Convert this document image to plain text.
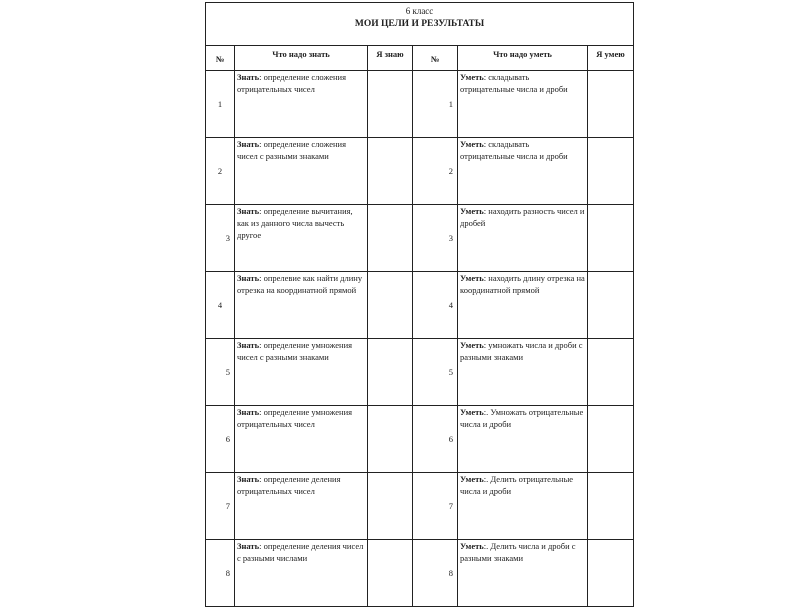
6 класс
МОИ ЦЕЛИ И РЕЗУЛЬТАТЫ					
№	Что надо знать	Я знаю	№	Что надо уметь	Я умею
1	Знать: определение сложения отрицательных чисел		1	Уметь: складывать отрицательные числа и дроби	
2	Знать: определение сложения чисел с разными знаками		2	Уметь: складывать отрицательные числа и дроби	
3	Знать: определение вычитания, как из данного числа вычесть другое		3	Уметь: находить разность чисел и дробей	
4	Знать: опрелевие как найти длину отрезка на координатной прямой		4	Уметь: находить длину отрезка на координатной прямой	
5	Знать: определение умножения чисел с разными знаками		5	Уметь: умножать числа и дроби с разными знаками	
6	Знать: определение умножения отрицательных чисел		6	Уметь:. Умножать отрицательные числа и дроби	
7	Знать: определение деления отрицательных чисел		7	Уметь:. Делить отрицательные числа и дроби	
8	Знать: определение деления чисел с разными числами		8	Уметь:. Делить числа и дроби с разными знаками	
